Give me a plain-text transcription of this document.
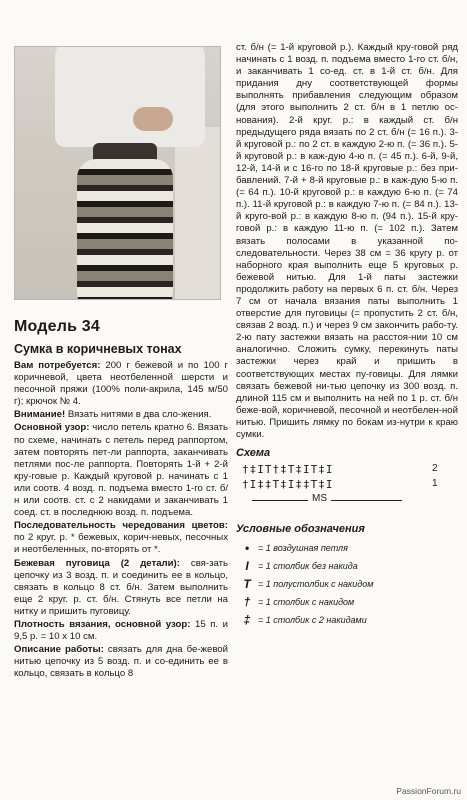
Модель 34
Сумка в коричневых тонах

Вам потребуется: 200 г бежевой и по 100 г коричневой, цвета неотбеленной шерсти и песочной пряжи (100% поли-акрила, 145 м/50 г); крючок № 4.

Внимание! Вязать нитями в два сло-жения.

Основной узор: число петель кратно 6. Вязать по схеме, начинать с петель перед раппортом, затем повторять пет-ли раппорта, заканчивать петлями пос-ле раппорта. Повторять 1-й + 2-й кру-говые р. Каждый круговой р. начинать с 1 или соотв. 4 возд. п. подъема вместо 1-го ст. б/н или соотв. ст. с 2 накидами и заканчивать 1 соед. ст. в последнюю возд. п. подъема.

Последовательность чередования цветов: по 2 круг. р. * бежевых, корич-невых, песочных и неотбеленных, по-вторять от *.

Бежевая пуговица (2 детали): свя-зать цепочку из 3 возд. п. и соединить ее в кольцо, связать в кольцо 8 ст. б/н. Затем выполнить еще 2 круг. р. ст. б/н. Стянуть все петли на нитку и пришить пуговицу.

Плотность вязания, основной узор: 15 п. и 9,5 р. = 10 х 10 см.

Описание работы: связать для дна бе-жевой нитью цепочку из 5 возд. п. и со-единить ее в кольцо, связать в кольцо 8

ст. б/н (= 1-й круговой р.). Каждый кру-говой ряд начинать с 1 возд. п. подъема вместо 1-го ст. б/н, и заканчивать 1 со-ед. ст. в 1-й ст. б/н. Для придания дну соответствующей формы выполнять прибавления следующим образом (для этого выполнить 2 ст. б/н в 1 петлю ос-нования). 2-й круг. р.: в каждый ст. б/н предыдущего ряда вязать по 2 ст. б/н (= 16 п.). 3-й круговой р.: по 2 ст. в каждую 2-ю п. (= 36 п.). 5-й круговой р.: в каж-дую 4-ю п. (= 45 п.). 6-й, 9-й, 12-й, 14-й и с 16-го по 18-й круговые р.: без при-бавлений. 7-й + 8-й круговые р.: в каж-дую 5-ю п. (= 64 п.). 10-й круговой р.: в каждую 6-ю п. (= 74 п.). 11-й круговой р.: в каждую 7-ю п. (= 84 п.). 13-й круго-вой р.: в каждую 8-ю п. (94 п.). 15-й кру-говой р.: в каждую 11-ю п. (= 102 п.). Затем вязать полосами в указанной по-следовательности. Через 38 см = 36 кругу р. от наборного края выполнить еще 5 круговых р. бежевой нитью. Для 1-й паты застежки продолжить работу на первых 6 п. ст. б/н. Через 7 см от начала вязания паты выполнить 1 отверстие для пуговицы (= пропустить 2 ст. б/н, связав 2 возд. п.) и через 9 см закончить рабо-ту. 2-ю пату застежки вязать на расстоя-нии 10 см аналогично. Сложить сумку, перекинуть паты застежки через край и пришить в соответствующих местах пу-говицы. Для лямки связать бежевой ни-тью цепочку из 300 возд. п. длиной 115 см и выполнить на ней по 1 р. ст. б/н беже-вой, коричневой, песочной и неотбелен-ной нитью. Пришить лямку по бокам из-нутри к краю сумки.

Схема
†‡IT†‡T‡IT‡I	2
†I‡‡T‡I‡‡T‡I	1
MS
Условные обозначения
• = 1 воздушная петля
I	= 1 столбик без накида
T = 1 полустолбик с накидом
† = 1 столбик с накидом
‡ = 1 столбик с 2 накидами
PassionForum.ru
